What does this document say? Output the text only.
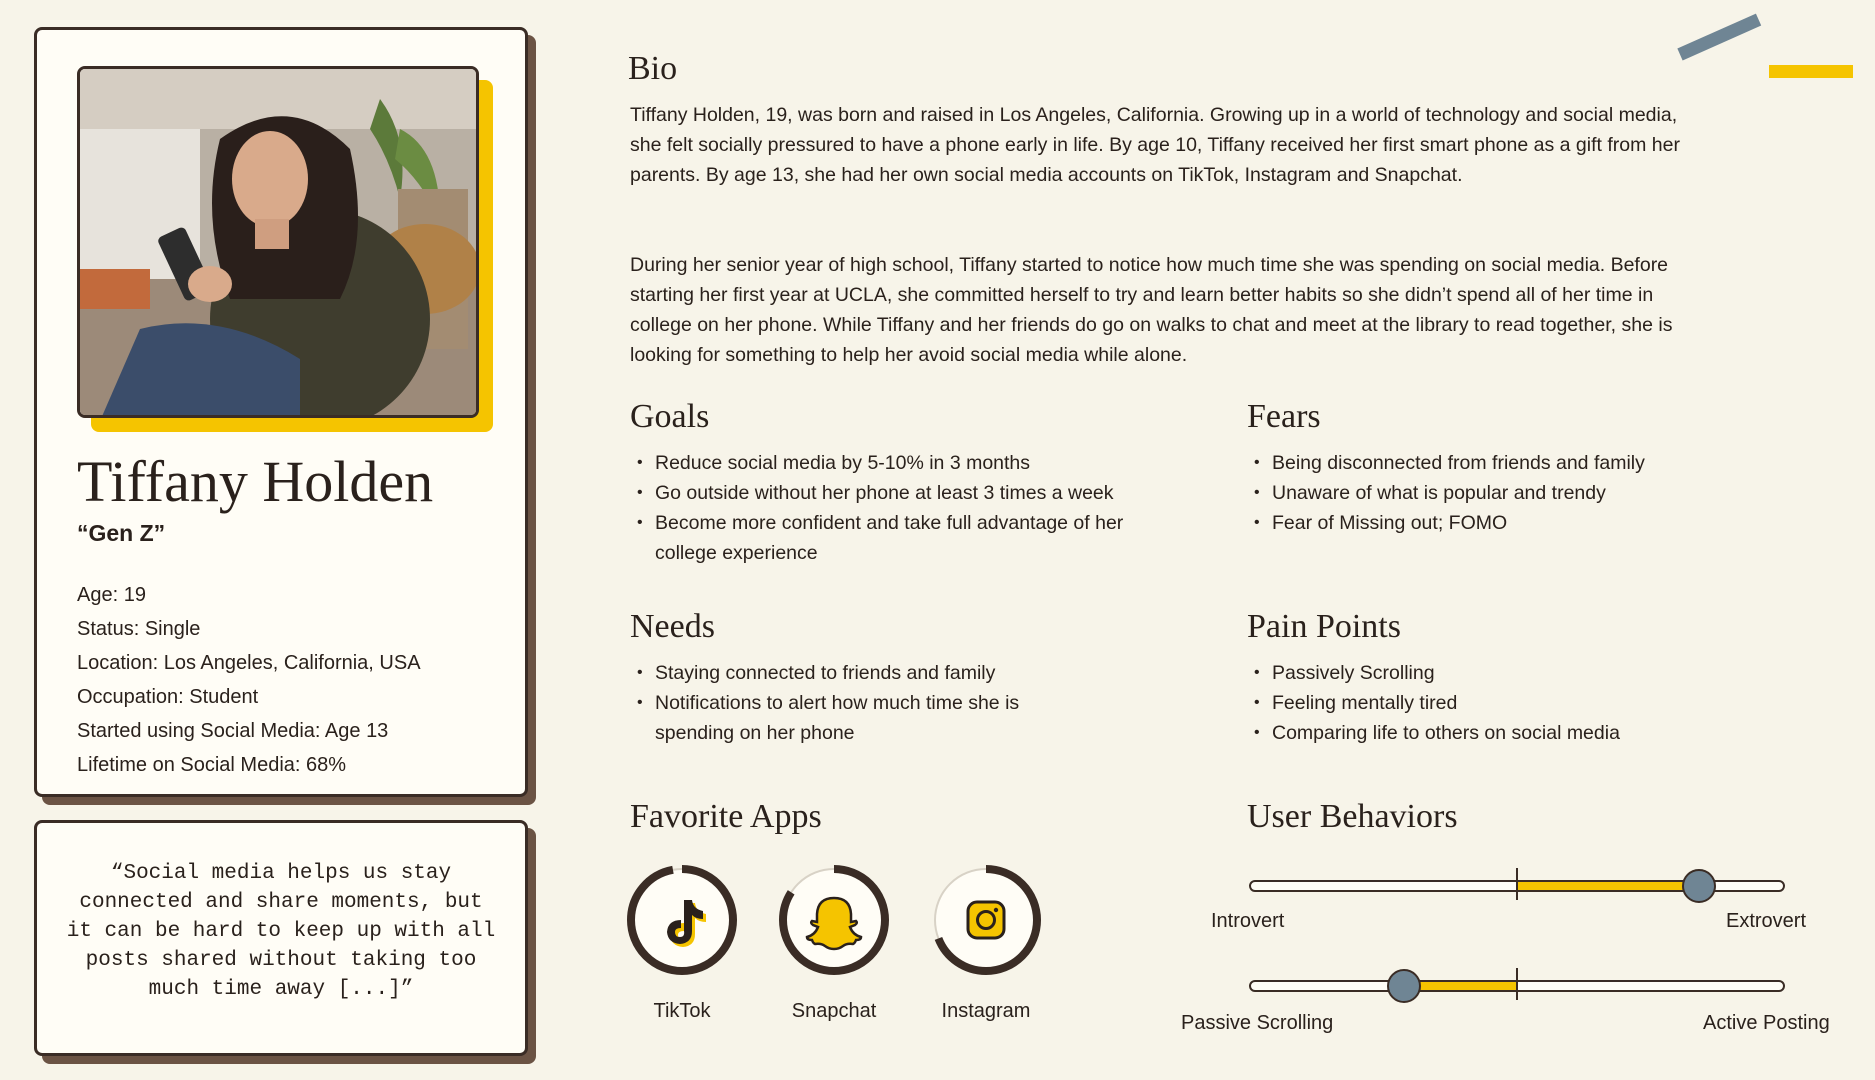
Tiffany Holden
“Gen Z”
Age: 19
Status: Single
Location: Los Angeles, California, USA
Occupation: Student
Started using Social Media: Age 13
Lifetime on Social Media: 68%

“Social media helps us stay connected and share moments, but it can be hard to keep up with all posts shared without taking too much time away [...]”

Bio

Tiffany Holden, 19, was born and raised in Los Angeles, California. Growing up in a world of technology and social media, she felt socially pressured to have a phone early in life. By age 10, Tiffany received her first smart phone as a gift from her parents. By age 13, she had her own social media accounts on TikTok, Instagram and Snapchat.

During her senior year of high school, Tiffany started to notice how much time she was spending on social media. Before starting her first year at UCLA, she committed herself to try and learn better habits so she didn’t spend all of her time in college on her phone. While Tiffany and her friends do go on walks to chat and meet at the library to read together, she is looking for something to help her avoid social media while alone.

Goals
• Reduce social media by 5-10% in 3 months
• Go outside without her phone at least 3 times a week
• Become more confident and take full advantage of her college experience
Fears
• Being disconnected from friends and family
• Unaware of what is popular and trendy
• Fear of Missing out; FOMO
Needs
• Staying connected to friends and family
• Notifications to alert how much time she is spending on her phone
Pain Points
• Passively Scrolling
• Feeling mentally tired
• Comparing life to others on social media
Favorite Apps
TikTok	Snapchat	Instagram
User Behaviors
Introvert	Extrovert
Passive Scrolling	Active Posting
